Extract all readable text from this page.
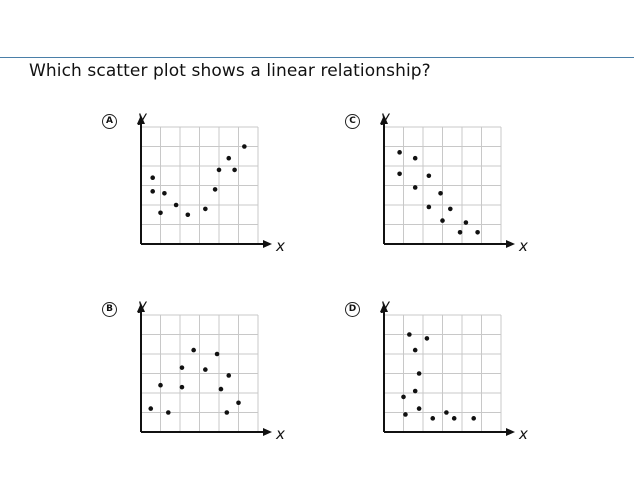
Which scatter plot shows a linear relationship?
A
x
y	C
x
y
B
x
y	D
x
y
